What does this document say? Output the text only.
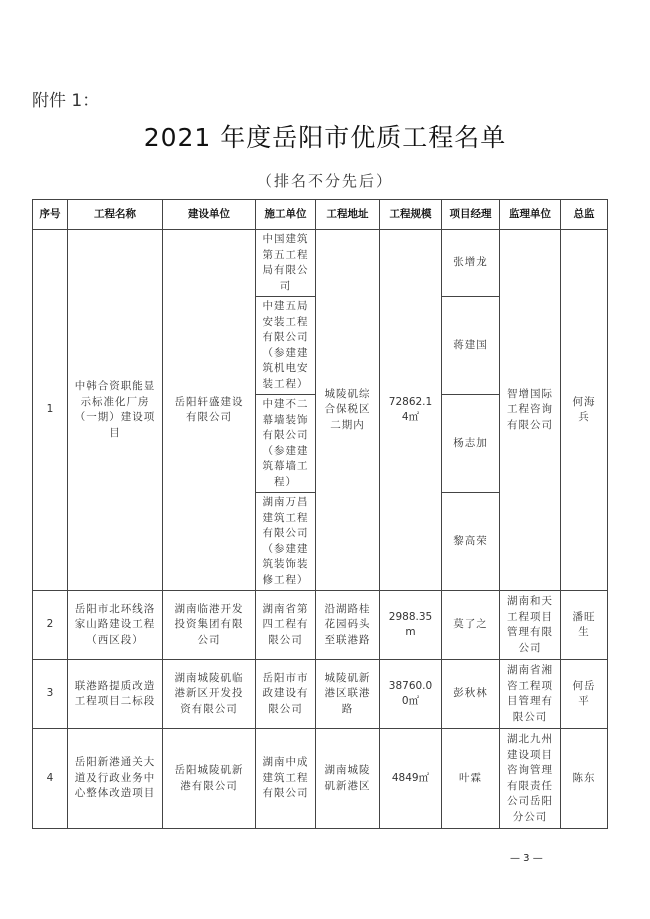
附件 1：
2021 年度岳阳市优质工程名单
（排名不分先后）
序号	工程名称	建设单位	施工单位	工程地址	工程规模	项目经理	监理单位	总监
1	中韩合资职能显示标准化厂房（一期）建设项目	岳阳轩盛建设有限公司	中国建筑第五工程局有限公司	城陵矶综合保税区二期内	72862.14㎡	张增龙	智增国际工程咨询有限公司	何海兵
			中建五局安装工程有限公司（参建建筑机电安装工程）			蒋建国		
			中建不二幕墙装饰有限公司（参建建筑幕墙工程）			杨志加		
			湖南万昌建筑工程有限公司（参建建筑装饰装修工程）			黎高荣		
2	岳阳市北环线洛家山路建设工程（西区段）	湖南临港开发投资集团有限公司	湖南省第四工程有限公司	沿湖路桂花园码头至联港路	2988.35m	莫了之	湖南和天工程项目管理有限公司	潘旺生
3	联港路提质改造工程项目二标段	湖南城陵矶临港新区开发投资有限公司	岳阳市市政建设有限公司	城陵矶新港区联港路	38760.00㎡	彭秋林	湖南省湘咨工程项目管理有限公司	何岳平
4	岳阳新港通关大道及行政业务中心整体改造项目	岳阳城陵矶新港有限公司	湖南中成建筑工程有限公司	湖南城陵矶新港区	4849㎡	叶霖	湖北九州建设项目咨询管理有限责任公司岳阳分公司	陈东
— 3 —
